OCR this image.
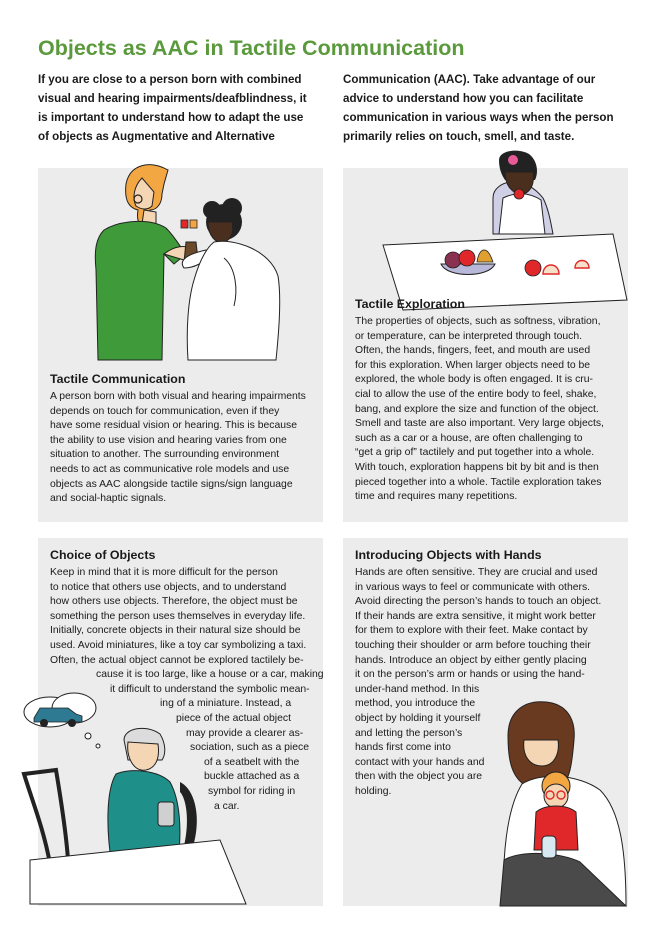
Objects as AAC in Tactile Communication
If you are close to a person born with combined
visual and hearing impairments/deafblindness, it
is important to understand how to adapt the use
of objects as Augmentative and Alternative
Communication (AAC). Take advantage of our
advice to understand how you can facilitate
communication in various ways when the person
primarily relies on touch, smell, and taste.
Tactile Communication
Tactile Exploration
Choice of Objects	Introducing Objects with Hands
A person born with both visual and hearing impairments
depends on touch for communication, even if they
have some residual vision or hearing. This is because
the ability to use vision and hearing varies from one
situation to another. The surrounding environment
needs to act as communicative role models and use
objects as AAC alongside tactile signs/sign language
and social-haptic signals.
The properties of objects, such as softness, vibration,
or temperature, can be interpreted through touch.
Often, the hands, fingers, feet, and mouth are used
for this exploration. When larger objects need to be
explored, the whole body is often engaged. It is cru-
cial to allow the use of the entire body to feel, shake,
bang, and explore the size and function of the object.
Smell and taste are also important. Very large objects,
such as a car or a house, are often challenging to
“get a grip of” tactilely and put together into a whole.
With touch, exploration happens bit by bit and is then
pieced together into a whole. Tactile exploration takes
time and requires many repetitions.
Keep in mind that it is more difficult for the person
to notice that others use objects, and to understand
how others use objects. Therefore, the object must be
something the person uses themselves in everyday life.
Initially, concrete objects in their natural size should be
used. Avoid miniatures, like a toy car symbolizing a taxi.
Often, the actual object cannot be explored tactilely be-
cause it is too large, like a house or a car, making
it difficult to understand the symbolic mean-
ing of a miniature. Instead, a
piece of the actual object
may provide a clearer as-
sociation, such as a piece
of a seatbelt with the
buckle attached as a
symbol for riding in
a car.
Hands are often sensitive. They are crucial and used
in various ways to feel or communicate with others.
Avoid directing the person’s hands to touch an object.
If their hands are extra sensitive, it might work better
for them to explore with their feet. Make contact by
touching their shoulder or arm before touching their
hands. Introduce an object by either gently placing
it on the person’s arm or hands or using the hand-
under-hand method. In this
method, you introduce the
object by holding it yourself
and letting the person’s
hands first come into
contact with your hands and
then with the object you are
holding.
